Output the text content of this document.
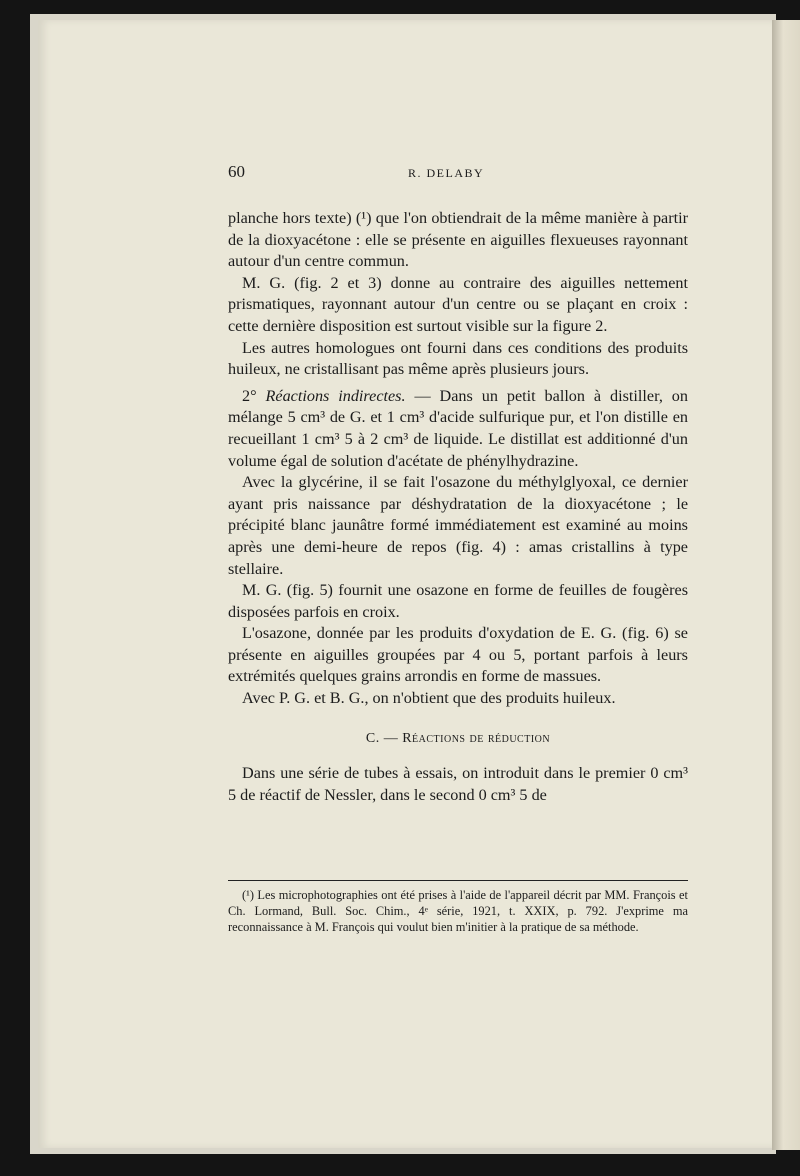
60	R. DELABY

planche hors texte) (¹) que l'on obtiendrait de la même manière à partir de la dioxyacétone : elle se présente en aiguilles flexueuses rayonnant autour d'un centre commun.

M. G. (fig. 2 et 3) donne au contraire des aiguilles nettement prismatiques, rayonnant autour d'un centre ou se plaçant en croix : cette dernière disposition est surtout visible sur la figure 2.

Les autres homologues ont fourni dans ces conditions des produits huileux, ne cristallisant pas même après plusieurs jours.

2° Réactions indirectes. — Dans un petit ballon à distiller, on mélange 5 cm³ de G. et 1 cm³ d'acide sulfurique pur, et l'on distille en recueillant 1 cm³ 5 à 2 cm³ de liquide. Le distillat est additionné d'un volume égal de solution d'acétate de phénylhydrazine.

Avec la glycérine, il se fait l'osazone du méthylglyoxal, ce dernier ayant pris naissance par déshydratation de la dioxyacétone ; le précipité blanc jaunâtre formé immédiatement est examiné au moins après une demi-heure de repos (fig. 4) : amas cristallins à type stellaire.

M. G. (fig. 5) fournit une osazone en forme de feuilles de fougères disposées parfois en croix.

L'osazone, donnée par les produits d'oxydation de E. G. (fig. 6) se présente en aiguilles groupées par 4 ou 5, portant parfois à leurs extrémités quelques grains arrondis en forme de massues.

Avec P. G. et B. G., on n'obtient que des produits huileux.

C. — Réactions de réduction

Dans une série de tubes à essais, on introduit dans le premier 0 cm³ 5 de réactif de Nessler, dans le second 0 cm³ 5 de

(¹) Les microphotographies ont été prises à l'aide de l'appareil décrit par MM. François et Ch. Lormand, Bull. Soc. Chim., 4ᵉ série, 1921, t. XXIX, p. 792. J'exprime ma reconnaissance à M. François qui voulut bien m'initier à la pratique de sa méthode.
